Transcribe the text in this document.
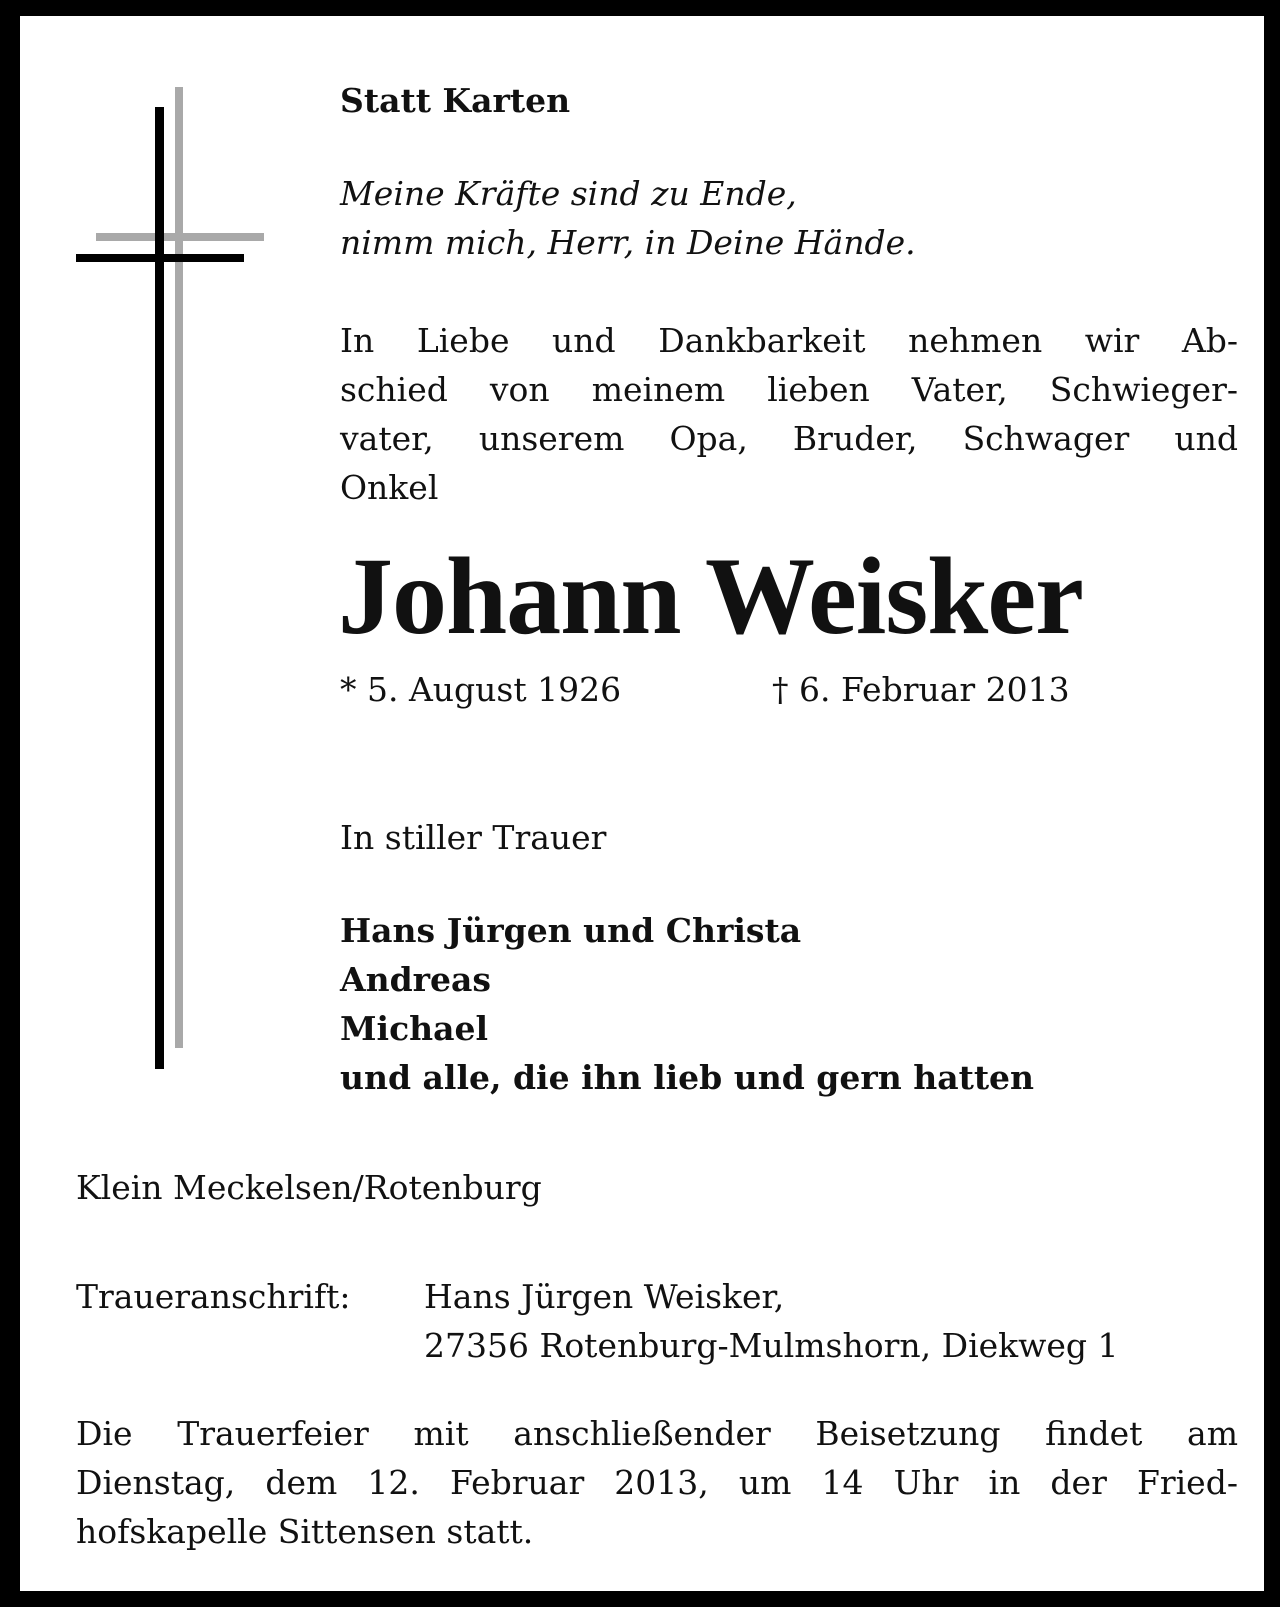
Statt Karten
Meine Kräfte sind zu Ende,
nimm mich, Herr, in Deine Hände.
In Liebe und Dankbarkeit nehmen wir Ab-
schied von meinem lieben Vater, Schwieger-
vater, unserem Opa, Bruder, Schwager und
Onkel
Johann Weisker
* 5. August 1926	† 6. Februar 2013
In stiller Trauer
Hans Jürgen und Christa
Andreas
Michael
und alle, die ihn lieb und gern hatten
Klein Meckelsen/Rotenburg
Traueranschrift: Hans Jürgen Weisker,
27356 Rotenburg-Mulmshorn, Diekweg 1
Die Trauerfeier mit anschließender Beisetzung findet am
Dienstag, dem 12. Februar 2013, um 14 Uhr in der Fried-
hofskapelle Sittensen statt.
